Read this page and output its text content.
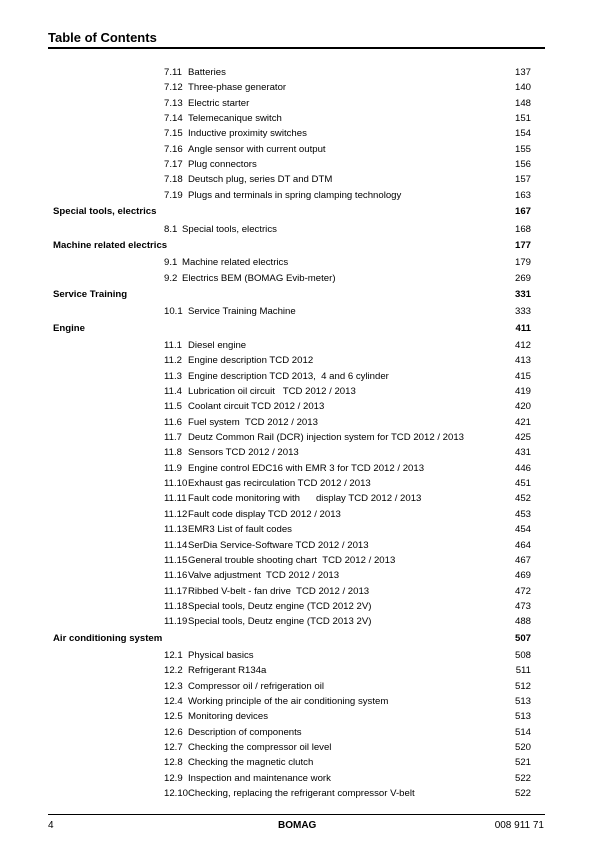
Table of Contents
7.11 Batteries	137
7.12 Three-phase generator	140
7.13 Electric starter	148
7.14 Telemecanique switch	151
7.15 Inductive proximity switches	154
7.16 Angle sensor with current output	155
7.17 Plug connectors	156
7.18 Deutsch plug, series DT and DTM	157
7.19 Plugs and terminals in spring clamping technology	163
Special tools, electrics	167
8.1 Special tools, electrics	168
Machine related electrics	177
9.1 Machine related electrics	179
9.2 Electrics BEM (BOMAG Evib-meter)	269
Service Training	331
10.1 Service Training Machine	333
Engine	411
11.1 Diesel engine	412
11.2 Engine description TCD 2012	413
11.3 Engine description TCD 2013,  4 and 6 cylinder	415
11.4 Lubrication oil circuit   TCD 2012 / 2013	419
11.5 Coolant circuit TCD 2012 / 2013	420
11.6 Fuel system  TCD 2012 / 2013	421
11.7 Deutz Common Rail (DCR) injection system for TCD 2012 / 2013	425
11.8 Sensors TCD 2012 / 2013	431
11.9 Engine control EDC16 with EMR 3 for TCD 2012 / 2013	446
11.10 Exhaust gas recirculation TCD 2012 / 2013	451
11.11 Fault code monitoring with      display TCD 2012 / 2013	452
11.12 Fault code display TCD 2012 / 2013	453
11.13 EMR3 List of fault codes	454
11.14 SerDia Service-Software TCD 2012 / 2013	464
11.15 General trouble shooting chart  TCD 2012 / 2013	467
11.16 Valve adjustment  TCD 2012 / 2013	469
11.17 Ribbed V-belt - fan drive  TCD 2012 / 2013	472
11.18 Special tools, Deutz engine (TCD 2012 2V)	473
11.19 Special tools, Deutz engine (TCD 2013 2V)	488
Air conditioning system	507
12.1 Physical basics	508
12.2 Refrigerant R134a	511
12.3 Compressor oil / refrigeration oil	512
12.4 Working principle of the air conditioning system	513
12.5 Monitoring devices	513
12.6 Description of components	514
12.7 Checking the compressor oil level	520
12.8 Checking the magnetic clutch	521
12.9 Inspection and maintenance work	522
12.10 Checking, replacing the refrigerant compressor V-belt	522
4	BOMAG	008 911 71
